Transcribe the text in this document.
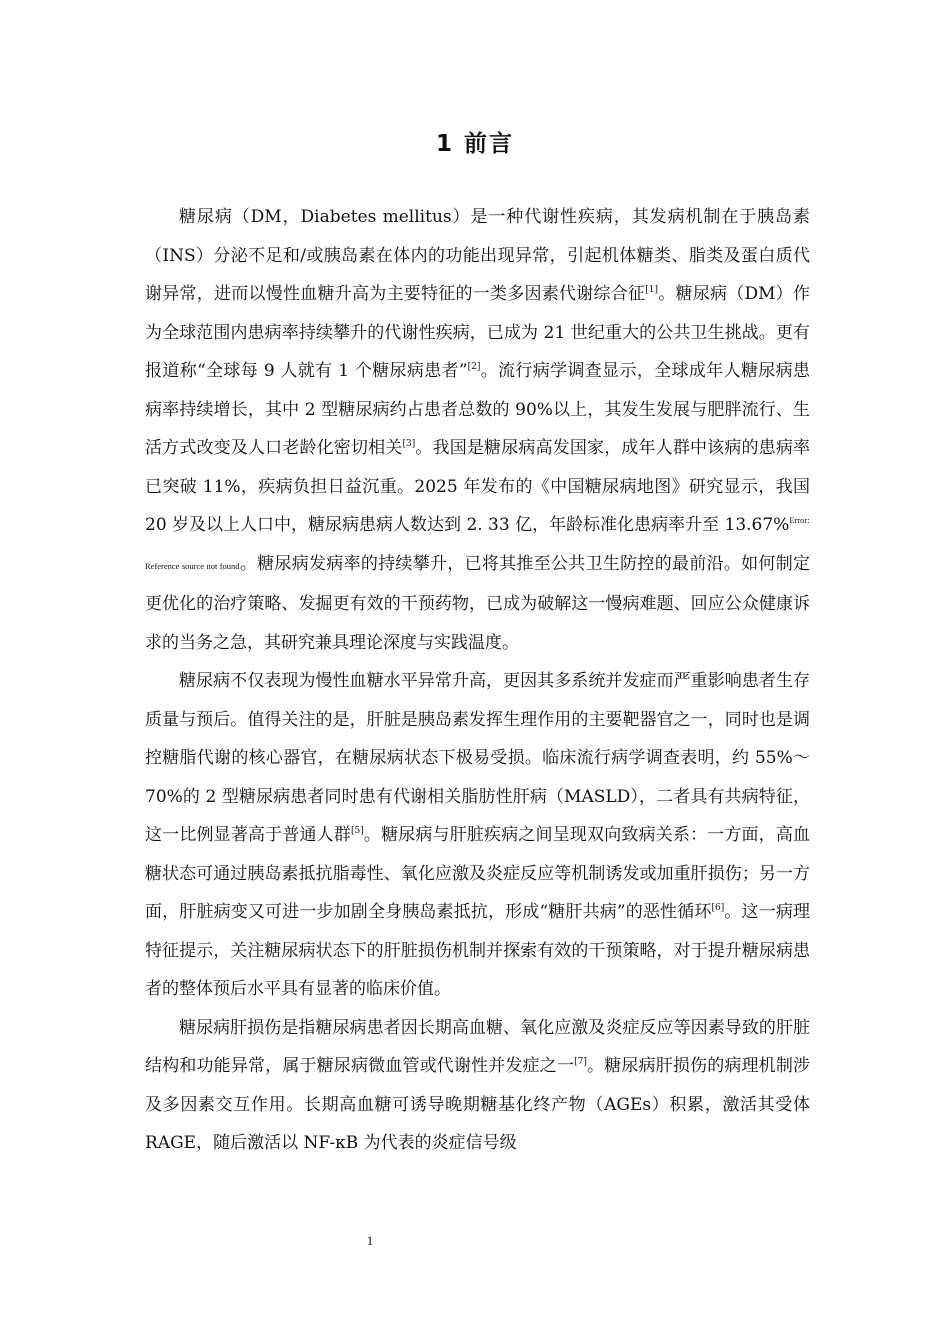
1 前言

糖尿病（DM，Diabetes mellitus）是一种代谢性疾病，其发病机制在于胰岛素（INS）分泌不足和/或胰岛素在体内的功能出现异常，引起机体糖类、脂类及蛋白质代谢异常，进而以慢性血糖升高为主要特征的一类多因素代谢综合征[1]。糖尿病（DM）作为全球范围内患病率持续攀升的代谢性疾病，已成为 21 世纪重大的公共卫生挑战。更有报道称“全球每 9 人就有 1 个糖尿病患者”[2]。流行病学调查显示，全球成年人糖尿病患病率持续增长，其中 2 型糖尿病约占患者总数的 90%以上，其发生发展与肥胖流行、生活方式改变及人口老龄化密切相关[3]。我国是糖尿病高发国家，成年人群中该病的患病率已突破 11%，疾病负担日益沉重。2025 年发布的《中国糖尿病地图》研究显示，我国 20 岁及以上人口中，糖尿病患病人数达到 2. 33 亿，年龄标准化患病率升至 13.67%$^{Error:}$
Reference source not found。糖尿病发病率的持续攀升，已将其推至公共卫生防控的最前沿。如何制定更优化的治疗策略、发掘更有效的干预药物，已成为破解这一慢病难题、回应公众健康诉求的当务之急，其研究兼具理论深度与实践温度。

糖尿病不仅表现为慢性血糖水平异常升高，更因其多系统并发症而严重影响患者生存质量与预后。值得关注的是，肝脏是胰岛素发挥生理作用的主要靶器官之一，同时也是调控糖脂代谢的核心器官，在糖尿病状态下极易受损。临床流行病学调查表明，约 55%～70%的 2 型糖尿病患者同时患有代谢相关脂肪性肝病（MASLD），二者具有共病特征，这一比例显著高于普通人群[5]。糖尿病与肝脏疾病之间呈现双向致病关系：一方面，高血糖状态可通过胰岛素抵抗脂毒性、氧化应激及炎症反应等机制诱发或加重肝损伤；另一方面，肝脏病变又可进一步加剧全身胰岛素抵抗，形成“糖肝共病”的恶性循环[6]。这一病理特征提示，关注糖尿病状态下的肝脏损伤机制并探索有效的干预策略，对于提升糖尿病患者的整体预后水平具有显著的临床价值。

糖尿病肝损伤是指糖尿病患者因长期高血糖、氧化应激及炎症反应等因素导致的肝脏结构和功能异常，属于糖尿病微血管或代谢性并发症之一[7]。糖尿病肝损伤的病理机制涉及多因素交互作用。长期高血糖可诱导晚期糖基化终产物（AGEs）积累，激活其受体 RAGE，随后激活以 NF-κB 为代表的炎症信号级

1
